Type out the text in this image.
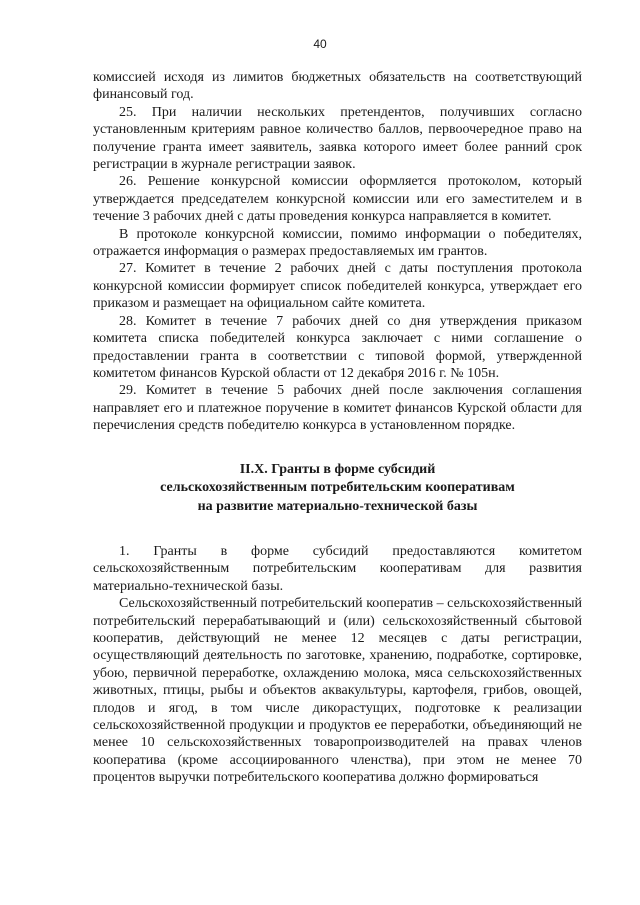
40

комиссией исходя из лимитов бюджетных обязательств на соответствующий финансовый год.

25. При наличии нескольких претендентов, получивших согласно установленным критериям равное количество баллов, первоочередное право на получение гранта имеет заявитель, заявка которого имеет более ранний срок регистрации в журнале регистрации заявок.

26. Решение конкурсной комиссии оформляется протоколом, который утверждается председателем конкурсной комиссии или его заместителем и в течение 3 рабочих дней с даты проведения конкурса направляется в комитет.

В протоколе конкурсной комиссии, помимо информации о победителях, отражается информация о размерах предоставляемых им грантов.

27. Комитет в течение 2 рабочих дней с даты поступления протокола конкурсной комиссии формирует список победителей конкурса, утверждает его приказом и размещает на официальном сайте комитета.

28. Комитет в течение 7 рабочих дней со дня утверждения приказом комитета списка победителей конкурса заключает с ними соглашение о предоставлении гранта в соответствии с типовой формой, утвержденной комитетом финансов Курской области от 12 декабря 2016 г. № 105н.

29. Комитет в течение 5 рабочих дней после заключения соглашения направляет его и платежное поручение в комитет финансов Курской области для перечисления средств победителю конкурса в установленном порядке.

II.X. Гранты в форме субсидий

сельскохозяйственным потребительским кооперативам

на развитие материально-технической базы

1. Гранты в форме субсидий предоставляются комитетом сельскохозяйственным потребительским кооперативам для развития материально-технической базы.

Сельскохозяйственный потребительский кооператив – сельскохозяйственный потребительский перерабатывающий и (или) сельскохозяйственный сбытовой кооператив, действующий не менее 12 месяцев с даты регистрации, осуществляющий деятельность по заготовке, хранению, подработке, сортировке, убою, первичной переработке, охлаждению молока, мяса сельскохозяйственных животных, птицы, рыбы и объектов аквакультуры, картофеля, грибов, овощей, плодов и ягод, в том числе дикорастущих, подготовке к реализации сельскохозяйственной продукции и продуктов ее переработки, объединяющий не менее 10 сельскохозяйственных товаропроизводителей на правах членов кооператива (кроме ассоциированного членства), при этом не менее 70 процентов выручки потребительского кооператива должно формироваться
